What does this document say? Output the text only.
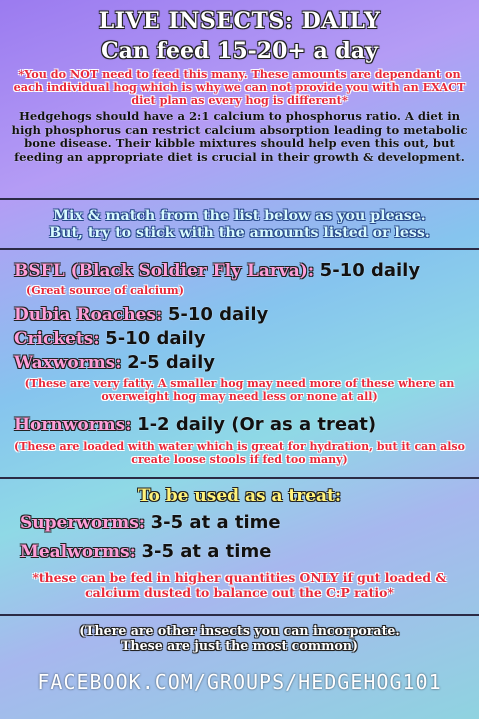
LIVE INSECTS: DAILY
Can feed 15-20+ a day
*You do NOT need to feed this many. These amounts are dependant on each individual hog which is why we can not provide you with an EXACT diet plan as every hog is different*
Hedgehogs should have a 2:1 calcium to phosphorus ratio. A diet in high phosphorus can restrict calcium absorption leading to metabolic bone disease. Their kibble mixtures should help even this out, but feeding an appropriate diet is crucial in their growth & development.
Mix & match from the list below as you please.
But, try to stick with the amounts listed or less.
BSFL (Black Soldier Fly Larva): 5-10 daily
(Great source of calcium)
Dubia Roaches: 5-10 daily
Crickets: 5-10 daily
Waxworms: 2-5 daily
(These are very fatty. A smaller hog may need more of these where an overweight hog may need less or none at all)
Hornworms: 1-2 daily (Or as a treat)
(These are loaded with water which is great for hydration, but it can also create loose stools if fed too many)
To be used as a treat:
Superworms: 3-5 at a time
Mealworms: 3-5 at a time
*these can be fed in higher quantities ONLY if gut loaded & calcium dusted to balance out the C:P ratio*
(There are other insects you can incorporate.
These are just the most common)
FACEBOOK.COM/GROUPS/HEDGEHOG101
